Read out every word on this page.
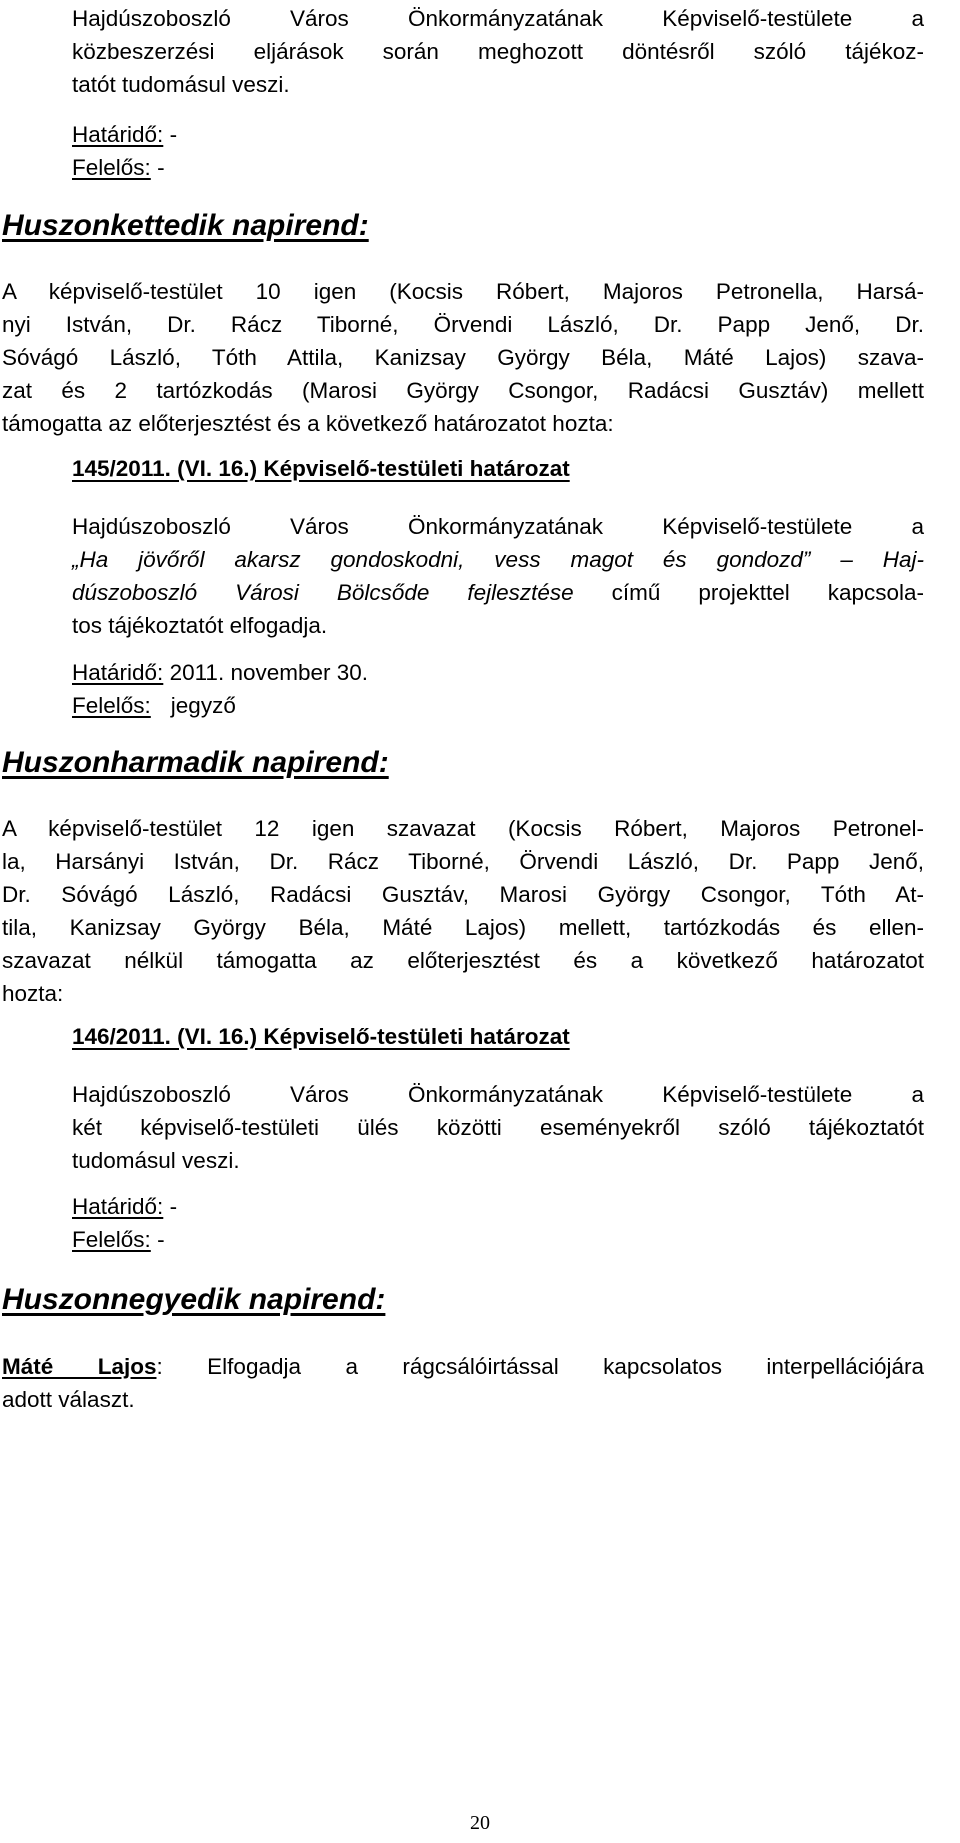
Hajdúszoboszló Város Önkormányzatának Képviselő-testülete a
közbeszerzési eljárások során meghozott döntésről szóló tájékoz-
tatót tudomásul veszi.

Határidő: -
Felelős: -

Huszonkettedik napirend:

A képviselő-testület 10 igen (Kocsis Róbert, Majoros Petronella, Harsá-
nyi István, Dr. Rácz Tiborné, Örvendi László, Dr. Papp Jenő, Dr.
Sóvágó László, Tóth Attila, Kanizsay György Béla, Máté Lajos) szava-
zat és 2 tartózkodás (Marosi György Csongor, Radácsi Gusztáv) mellett
támogatta az előterjesztést és a következő határozatot hozta:

145/2011. (VI. 16.) Képviselő-testületi határozat

Hajdúszoboszló Város Önkormányzatának Képviselő-testülete a
„Ha jövőről akarsz gondoskodni, vess magot és gondozd” – Haj-
dúszoboszló Városi Bölcsőde fejlesztése című projekttel kapcsola-
tos tájékoztatót elfogadja.

Határidő: 2011. november 30.
Felelős: jegyző

Huszonharmadik napirend:

A képviselő-testület 12 igen szavazat (Kocsis Róbert, Majoros Petronel-
la, Harsányi István, Dr. Rácz Tiborné, Örvendi László, Dr. Papp Jenő,
Dr. Sóvágó László, Radácsi Gusztáv, Marosi György Csongor, Tóth At-
tila, Kanizsay György Béla, Máté Lajos) mellett, tartózkodás és ellen-
szavazat nélkül támogatta az előterjesztést és a következő határozatot
hozta:

146/2011. (VI. 16.) Képviselő-testületi határozat

Hajdúszoboszló Város Önkormányzatának Képviselő-testülete a
két képviselő-testületi ülés közötti eseményekről szóló tájékoztatót
tudomásul veszi.

Határidő: -
Felelős: -

Huszonnegyedik napirend:

Máté Lajos: Elfogadja a rágcsálóirtással kapcsolatos interpellációjára
adott választ.

20
